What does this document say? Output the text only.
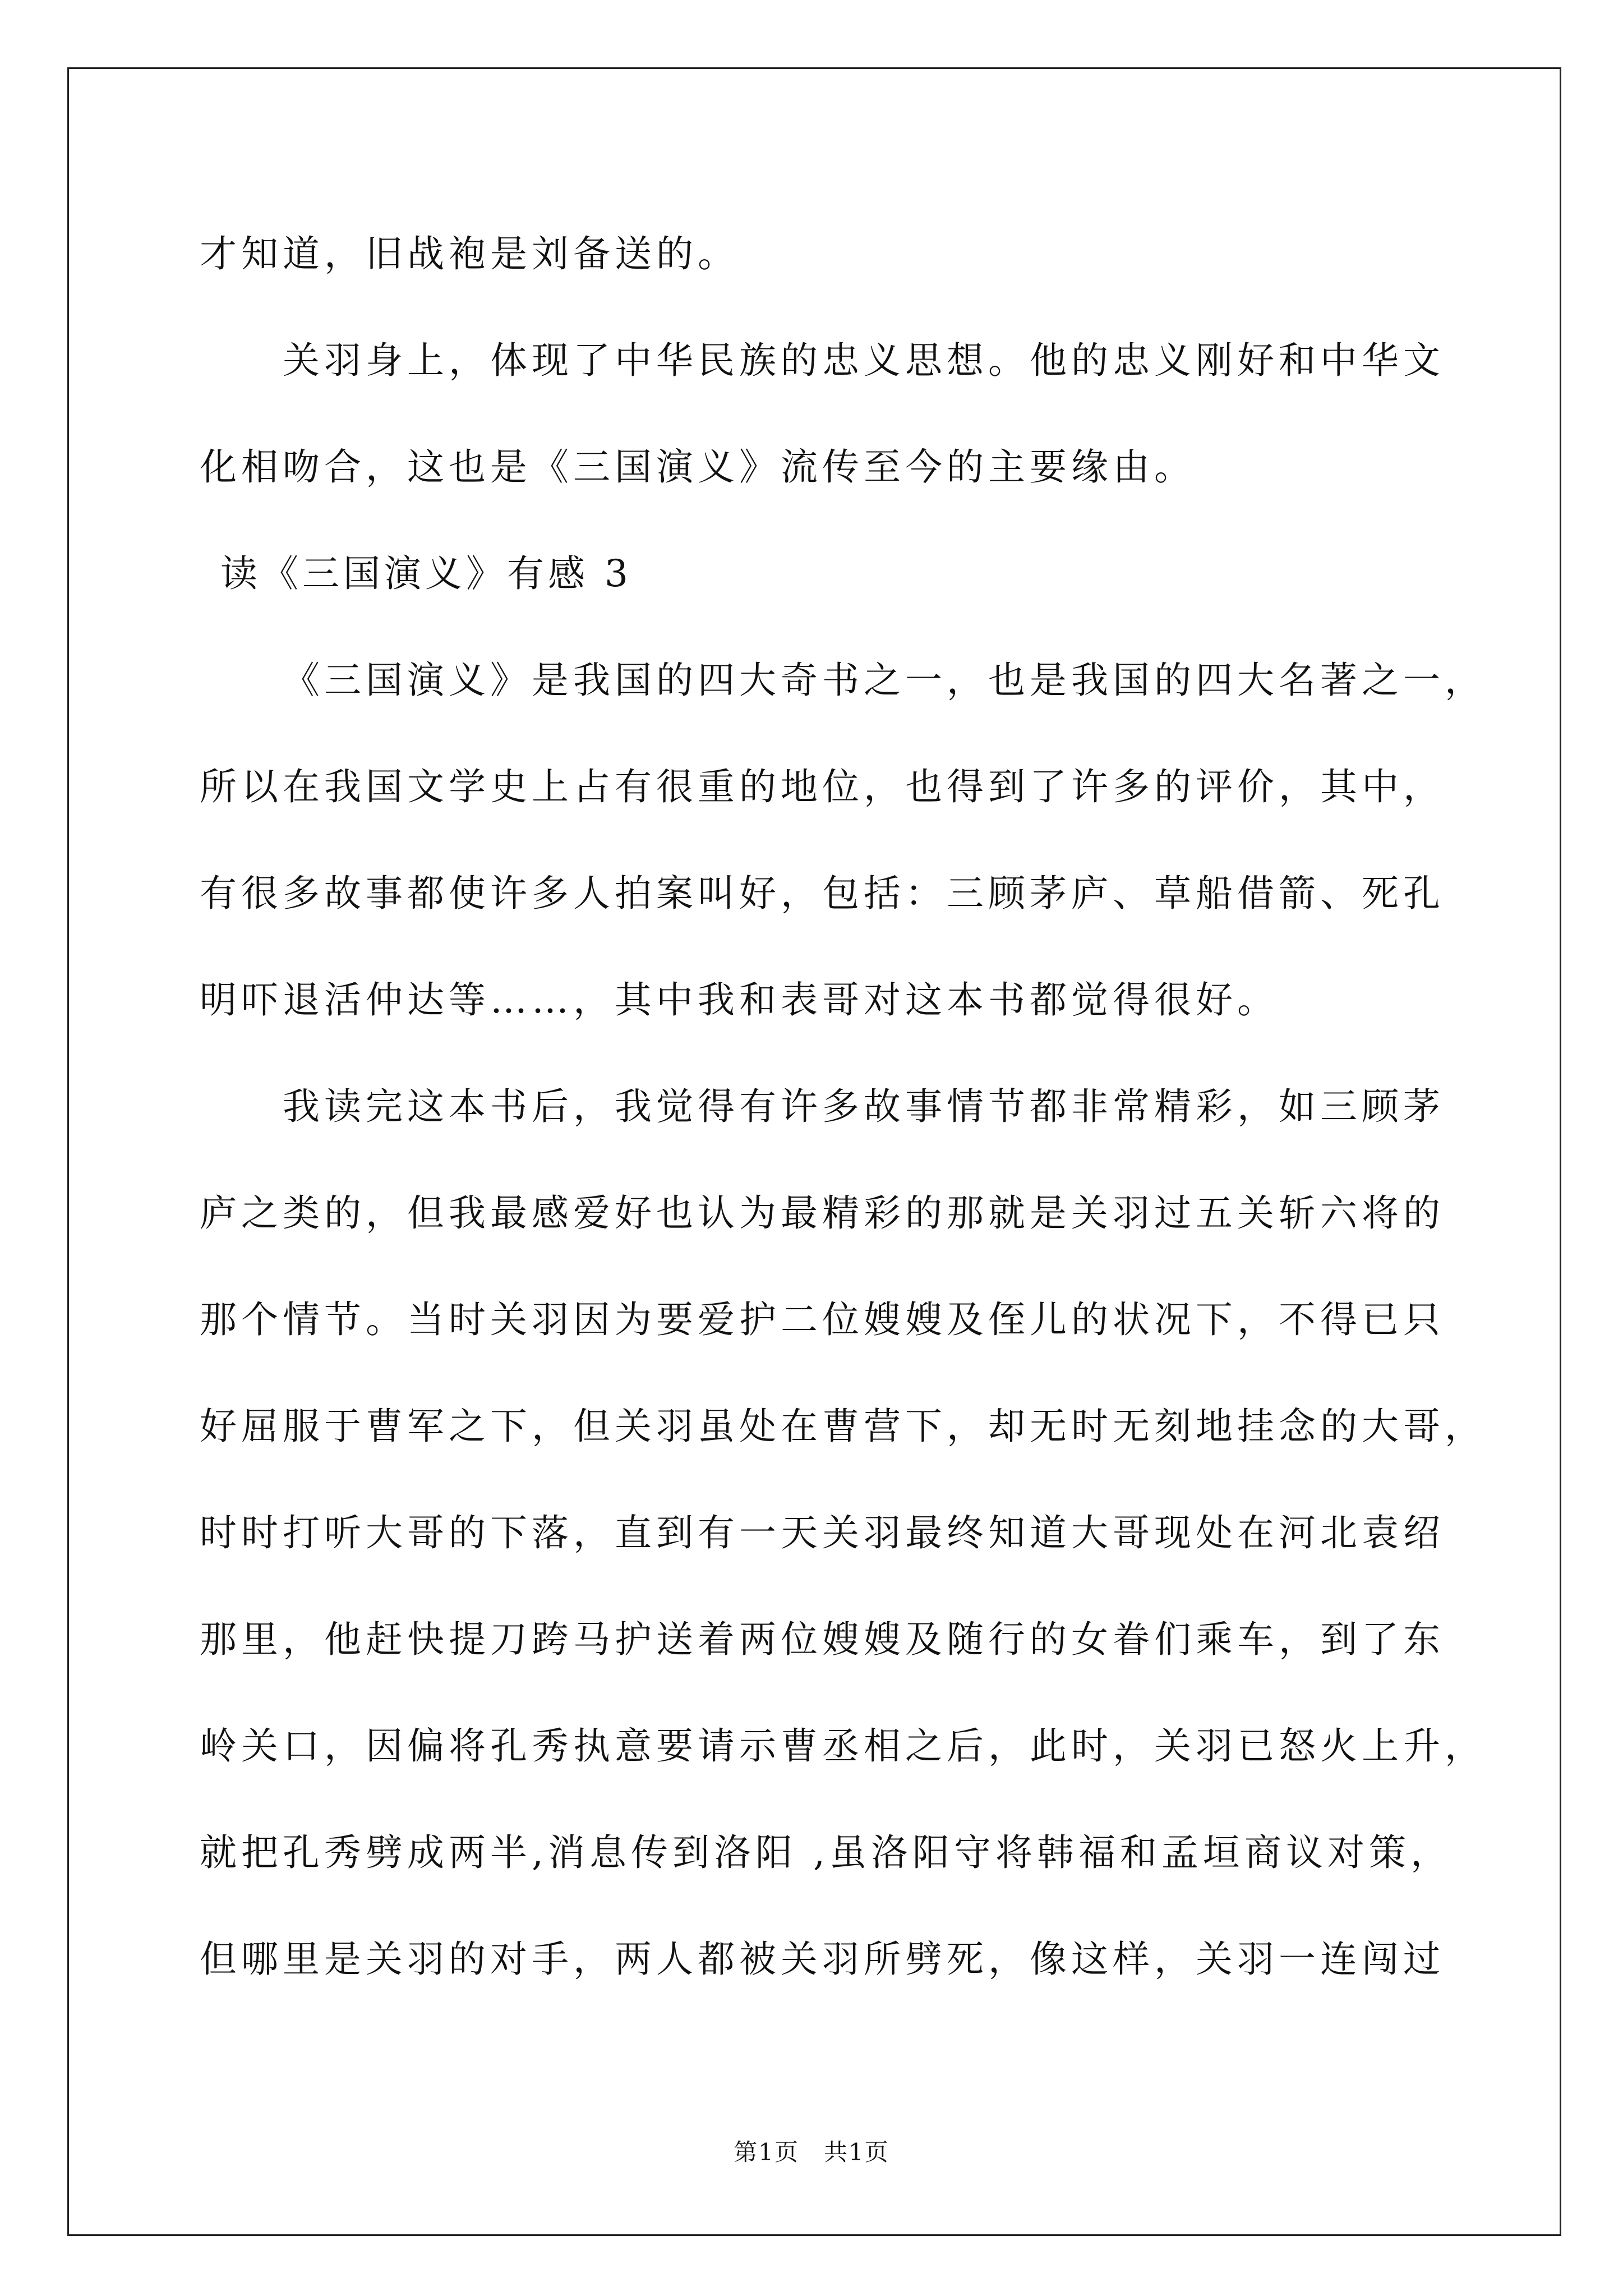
才知道，旧战袍是刘备送的。
关羽身上，体现了中华民族的忠义思想。他的忠义刚好和中华文
化相吻合，这也是《三国演义》流传至今的主要缘由。
读《三国演义》有感 3
《三国演义》是我国的四大奇书之一，也是我国的四大名著之一，
所以在我国文学史上占有很重的地位，也得到了许多的评价，其中，
有很多故事都使许多人拍案叫好，包括：三顾茅庐、草船借箭、死孔
明吓退活仲达等……，其中我和表哥对这本书都觉得很好。
我读完这本书后，我觉得有许多故事情节都非常精彩，如三顾茅
庐之类的，但我最感爱好也认为最精彩的那就是关羽过五关斩六将的
那个情节。当时关羽因为要爱护二位嫂嫂及侄儿的状况下，不得已只
好屈服于曹军之下，但关羽虽处在曹营下，却无时无刻地挂念的大哥，
时时打听大哥的下落，直到有一天关羽最终知道大哥现处在河北袁绍
那里，他赶快提刀跨马护送着两位嫂嫂及随行的女眷们乘车，到了东
岭关口，因偏将孔秀执意要请示曹丞相之后，此时，关羽已怒火上升，
就把孔秀劈成两半,消息传到洛阳 ,虽洛阳守将韩福和孟垣商议对策，
但哪里是关羽的对手，两人都被关羽所劈死，像这样，关羽一连闯过
第1页　共1页
